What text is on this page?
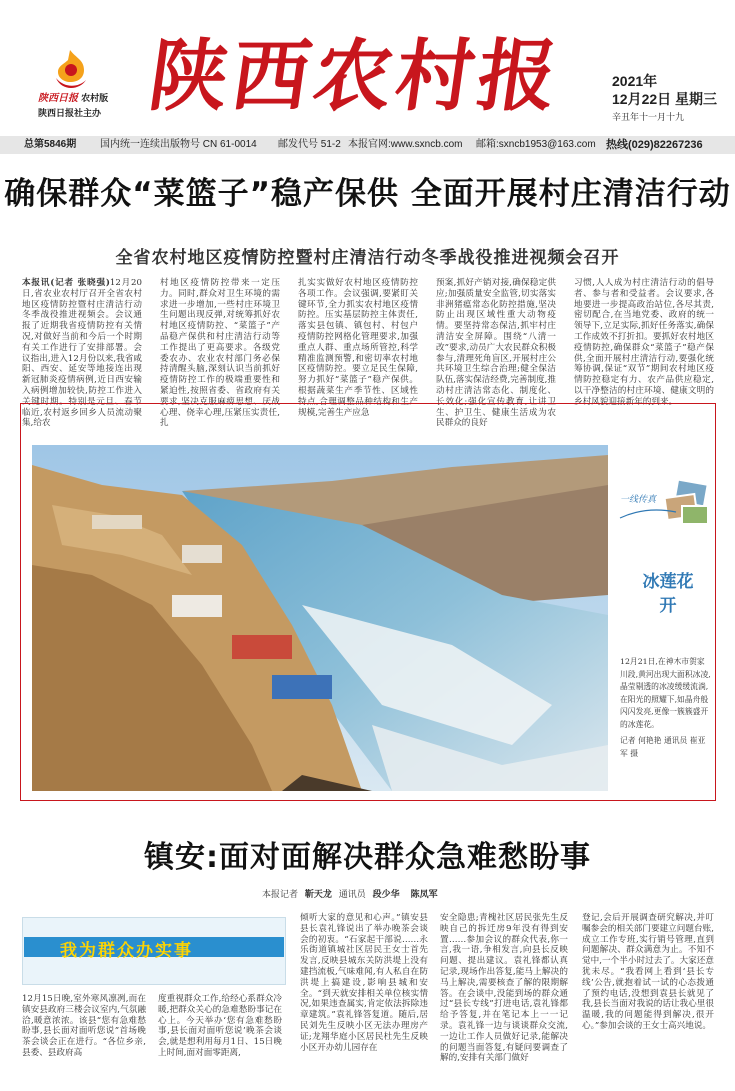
陕西日报 农村版
陕西日报社主办 陕西农村报	2021年
12月22日 星期三
辛丑年十一月十九
总第5846期 国内统一连续出版物号 CN 61-0014 邮发代号 51-2 本报官网:www.sxncb.com 邮箱:sxncb1953@163.com 热线(029)82267236
确保群众“菜篮子”稳产保供 全面开展村庄清洁行动
全省农村地区疫情防控暨村庄清洁行动冬季战役推进视频会召开
本报讯(记者 张晓强)12月20日,省农业农村厅召开全省农村地区疫情防控暨村庄清洁行动冬季战役推进视频会。会议通报了近期我省疫情防控有关情况,对做好当前和今后一个时期有关工作进行了安排部署。会议指出,进入12月份以来,我省咸阳、西安、延安等地接连出现新冠肺炎疫情病例,近日西安输入病例增加较快,防控工作进入关键时期。特别是元旦、春节临近,农村返乡回乡人员流动聚集,给农
村地区疫情防控带来一定压力。同时,群众对卫生环境的需求进一步增加,一些村庄环境卫生问题出现反弹,对统筹抓好农村地区疫情防控、“菜篮子”产品稳产保供和村庄清洁行动等工作提出了更高要求。各级党委农办、农业农村部门务必保持清醒头脑,深刻认识当前抓好疫情防控工作的极端重要性和紧迫性,按照省委、省政府有关要求,坚决克服麻痹思想、厌战心理、侥幸心理,压紧压实责任,扎
扎实实做好农村地区疫情防控各项工作。会议强调,要紧盯关键环节,全力抓实农村地区疫情防控。压实基层防控主体责任,落实县包镇、镇包村、村包户疫情防控网格化管理要求,加强重点人群、重点场所管控,科学精准监测预警,和密切率农村地区疫情防控。要立足民生保障,努力抓好“菜篮子”稳产保供。根据蔬菜生产季节性、区域性特点,合理调整品种结构和生产规模,完善生产应急
预案,抓好产销对接,确保稳定供应;加强质量安全监管,切实落实非洲猪瘟常态化防控措施,坚决防止出现区域性重大动物疫情。要坚持常态保洁,抓牢村庄清洁安全屏障。围绕“八清一改”要求,动员广大农民群众积极参与,清理死角盲区,开展村庄公共环境卫生综合治理;健全保洁队伍,落实保洁经费,完善制度,推动村庄清洁常态化、制度化、长效化;强化宣传教育,让讲卫生、护卫生、健康生活成为农民群众的良好
习惯,人人成为村庄清洁行动的倡导者、参与者和受益者。会议要求,各地要进一步提高政治站位,各尽其责,密切配合,在当地党委、政府的统一领导下,立足实际,抓好任务落实,确保工作成效不打折扣。要抓好农村地区疫情防控,确保群众“菜篮子”稳产保供,全面开展村庄清洁行动,要强化统筹协调,保证“双节”期间农村地区疫情防控稳定有力、农产品供应稳定,以干净整洁的村庄环境、健康文明的乡村风貌迎接新年的到来。
一线传真
冰莲花开
12月21日,在神木市贺家川段,黄河出现大面积冰凌,晶莹剔透的冰凌缓缓流淌,在阳光的照耀下,如晶舟般闪闪发亮,更像一簇簇盛开的冰莲花。
记者 何艳艳 通讯员 崔亚军 摄
镇安:面对面解决群众急难愁盼事
本报记者 靳天龙 通讯员 段少华 陈凤军
我为群众办实事
12月15日晚,室外寒风凛冽,而在镇安县政府三楼会议室内,气氛融洽,暖意浓浓。该县“您有急难愁盼事,县长面对面听您说”首场晚茶会谈会正在进行。“各位乡亲,县委、县政府高
度重视群众工作,给经心系群众冷暖,把群众关心的急难愁盼事记在心上。今天举办‘您有急难愁盼事,县长面对面听您说’晚茶会谈会,就是想利用每月1日、15日晚上时间,面对面零距离,
倾听大家的意见和心声。”镇安县县长袁礼锋说出了举办晚茶会谈会的初衷。“石家起干部说……永乐街道镇城社区居民王女士首先发言,反映县城东关防洪堤上没有建挡流板,气味难闻,有人私自在防洪堤上搞建设,影响县城和安全。“到天就安排相关单位核实情况,如果违查属实,肯定依法拆除违章建筑。”袁礼锋答复道。随后,居民刘先生反映小区无法办理房产证;龙翔华庭小区居民杜先生反映小区开办幼儿园存在
安全隐患;青槐社区居民张先生反映自己的拆迁房9年没有得到安置……参加会议的群众代表,你一言,我一语,争相发言,向县长反映问题、提出建议。袁礼锋都认真记录,现场作出答复,能马上解决的马上解决,需要核查了解的限期解答。在会谈中,没能到场的群众通过“县长专线”打进电话,袁礼锋都给予答复,并在笔记本上一一记录。袁礼锋一边与谈谈群众交流,一边让工作人员做好记录,能解决的问题当面答复,有疑问要调查了解的,安排有关部门做好
登记,会后开展调查研究解决,并叮嘱参会的相关部门要建立问题台账,成立工作专班,实行销号管理,直到问题解决、群众满意为止。不知不觉中,一个半小时过去了。大家还意犹未尽。“我看网上看到‘县长专线’公告,就抱着试一试的心态拨通了预约电话,没想到袁县长就见了我,县长当面对我说的话让我心里很温暖,我的问题能得到解决,很开心。”参加会谈的王女士高兴地说。
